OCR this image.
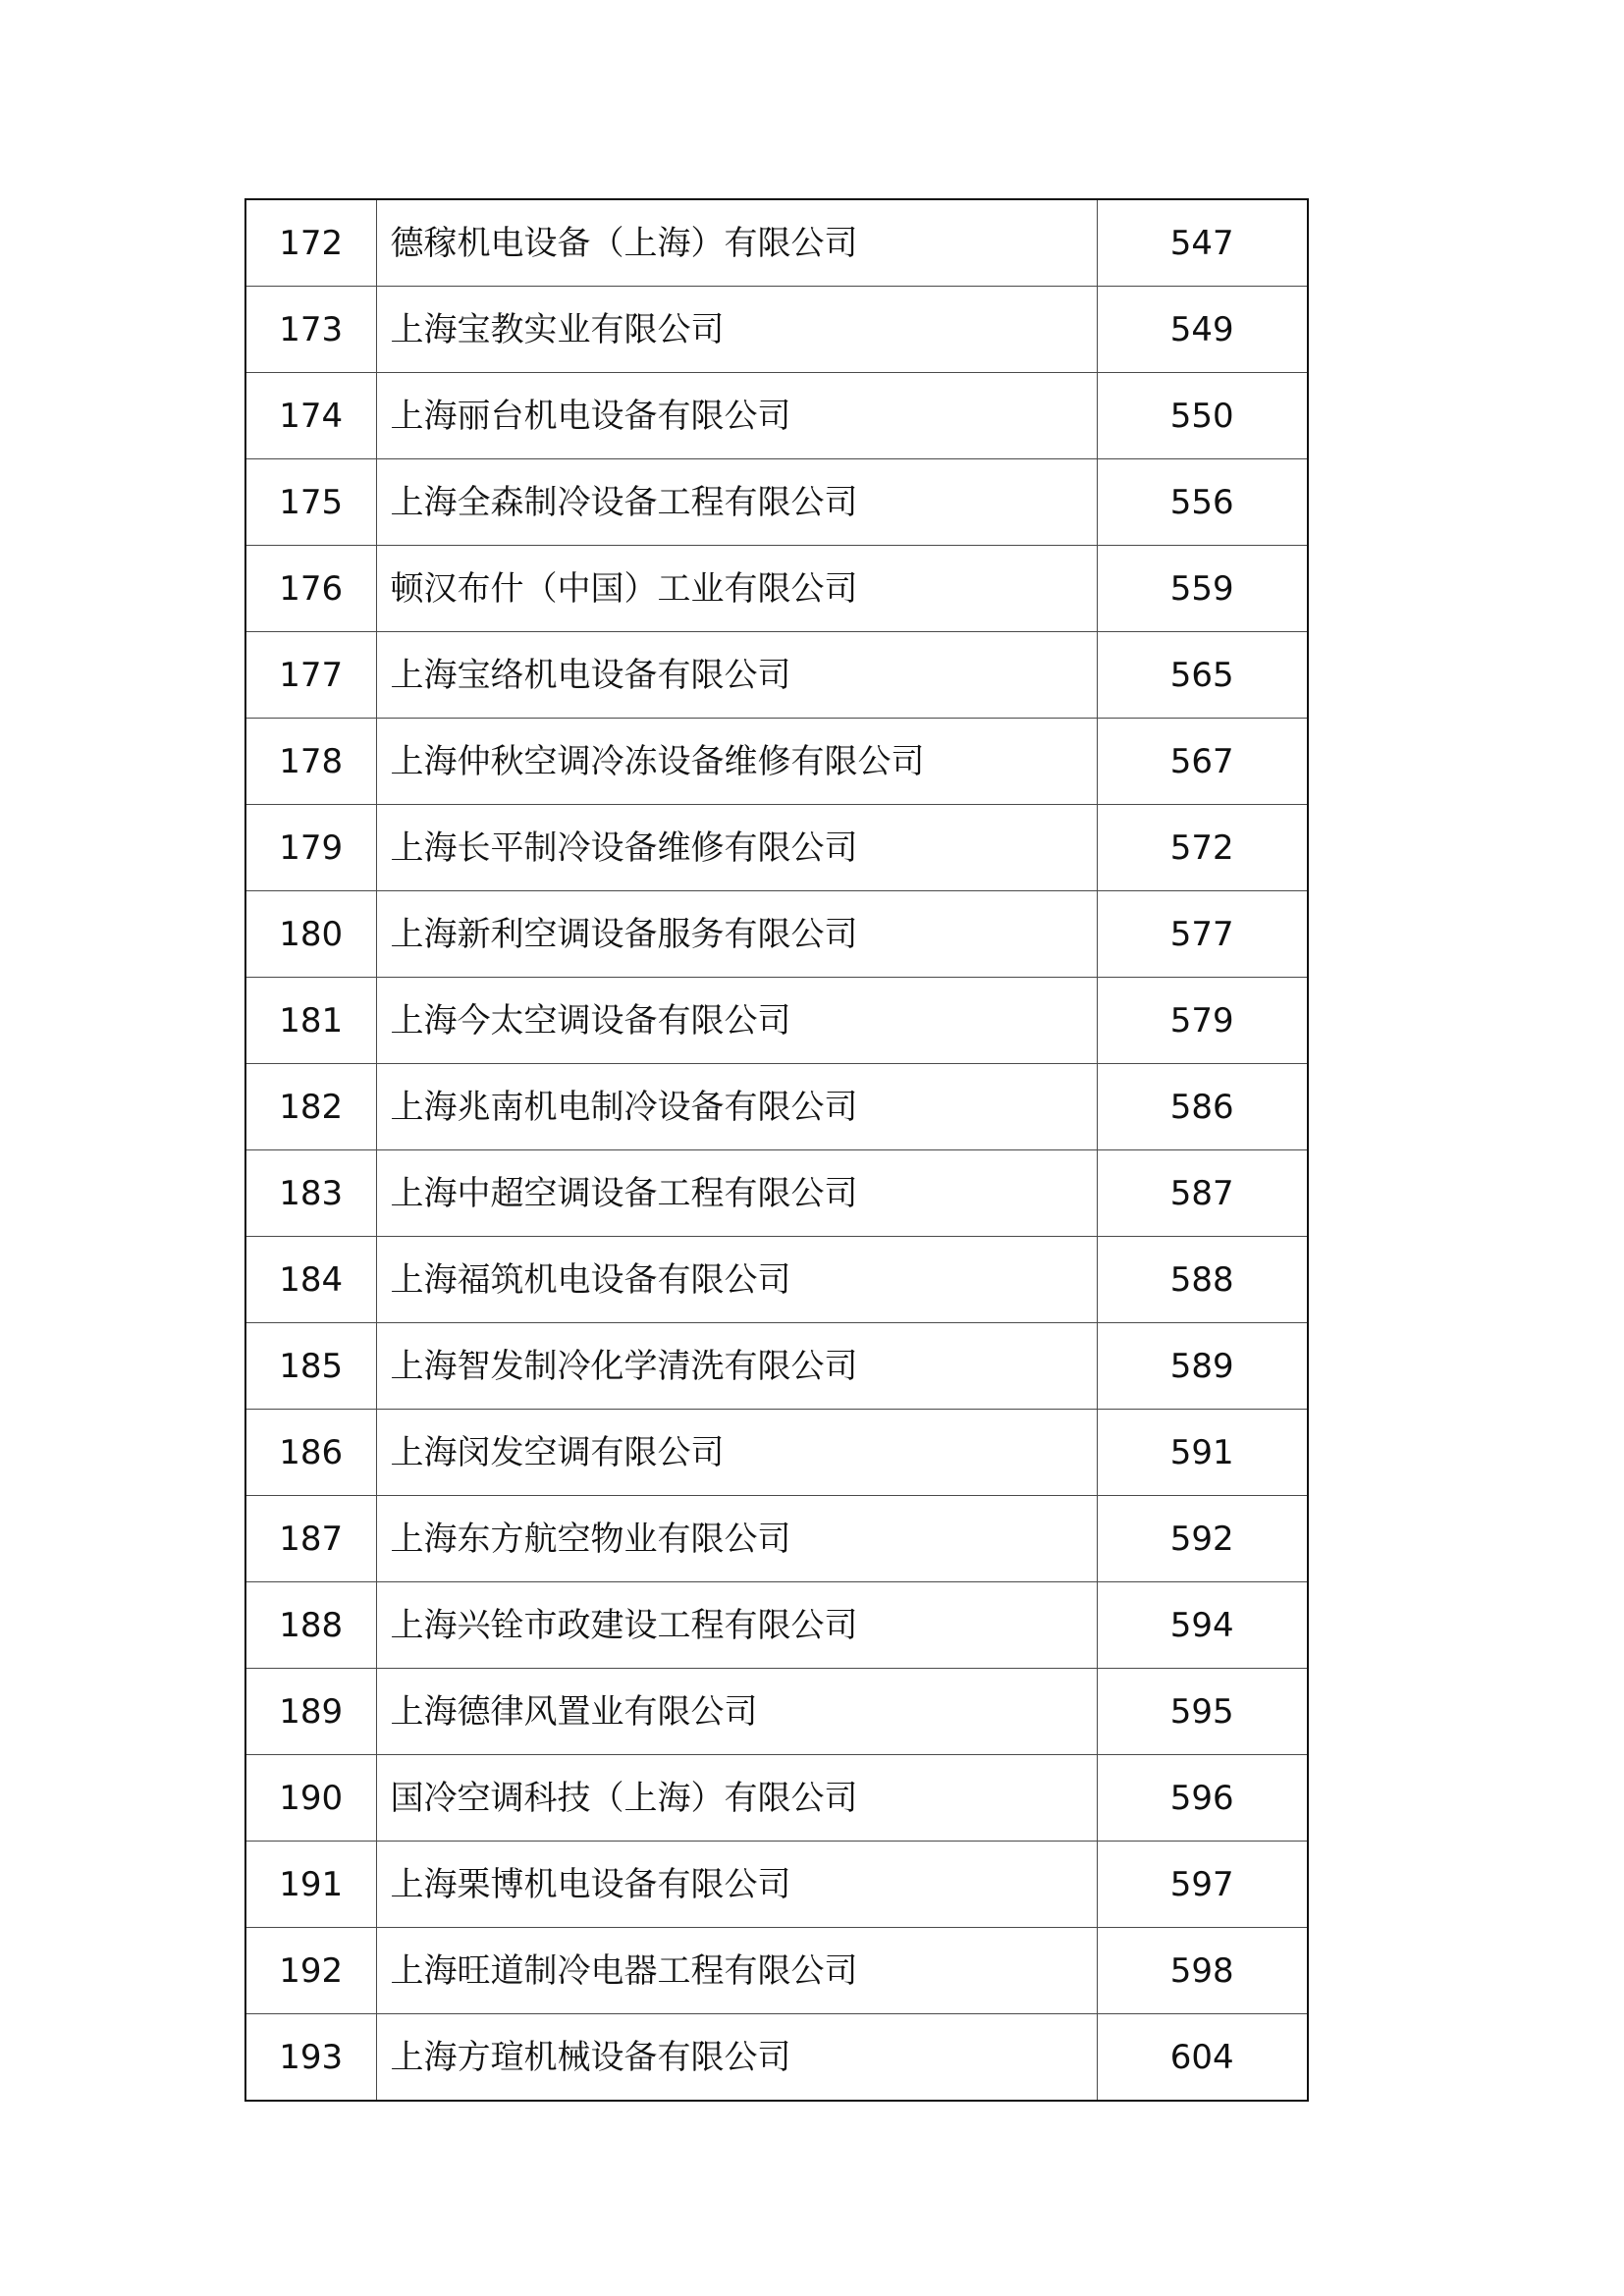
172	德稼机电设备（上海）有限公司	547
173	上海宝教实业有限公司	549
174	上海丽台机电设备有限公司	550
175	上海全森制冷设备工程有限公司	556
176	顿汉布什（中国）工业有限公司	559
177	上海宝络机电设备有限公司	565
178	上海仲秋空调冷冻设备维修有限公司	567
179	上海长平制冷设备维修有限公司	572
180	上海新利空调设备服务有限公司	577
181	上海今太空调设备有限公司	579
182	上海兆南机电制冷设备有限公司	586
183	上海中超空调设备工程有限公司	587
184	上海福筑机电设备有限公司	588
185	上海智发制冷化学清洗有限公司	589
186	上海闵发空调有限公司	591
187	上海东方航空物业有限公司	592
188	上海兴铨市政建设工程有限公司	594
189	上海德律风置业有限公司	595
190	国冷空调科技（上海）有限公司	596
191	上海栗博机电设备有限公司	597
192	上海旺道制冷电器工程有限公司	598
193	上海方瑄机械设备有限公司	604
